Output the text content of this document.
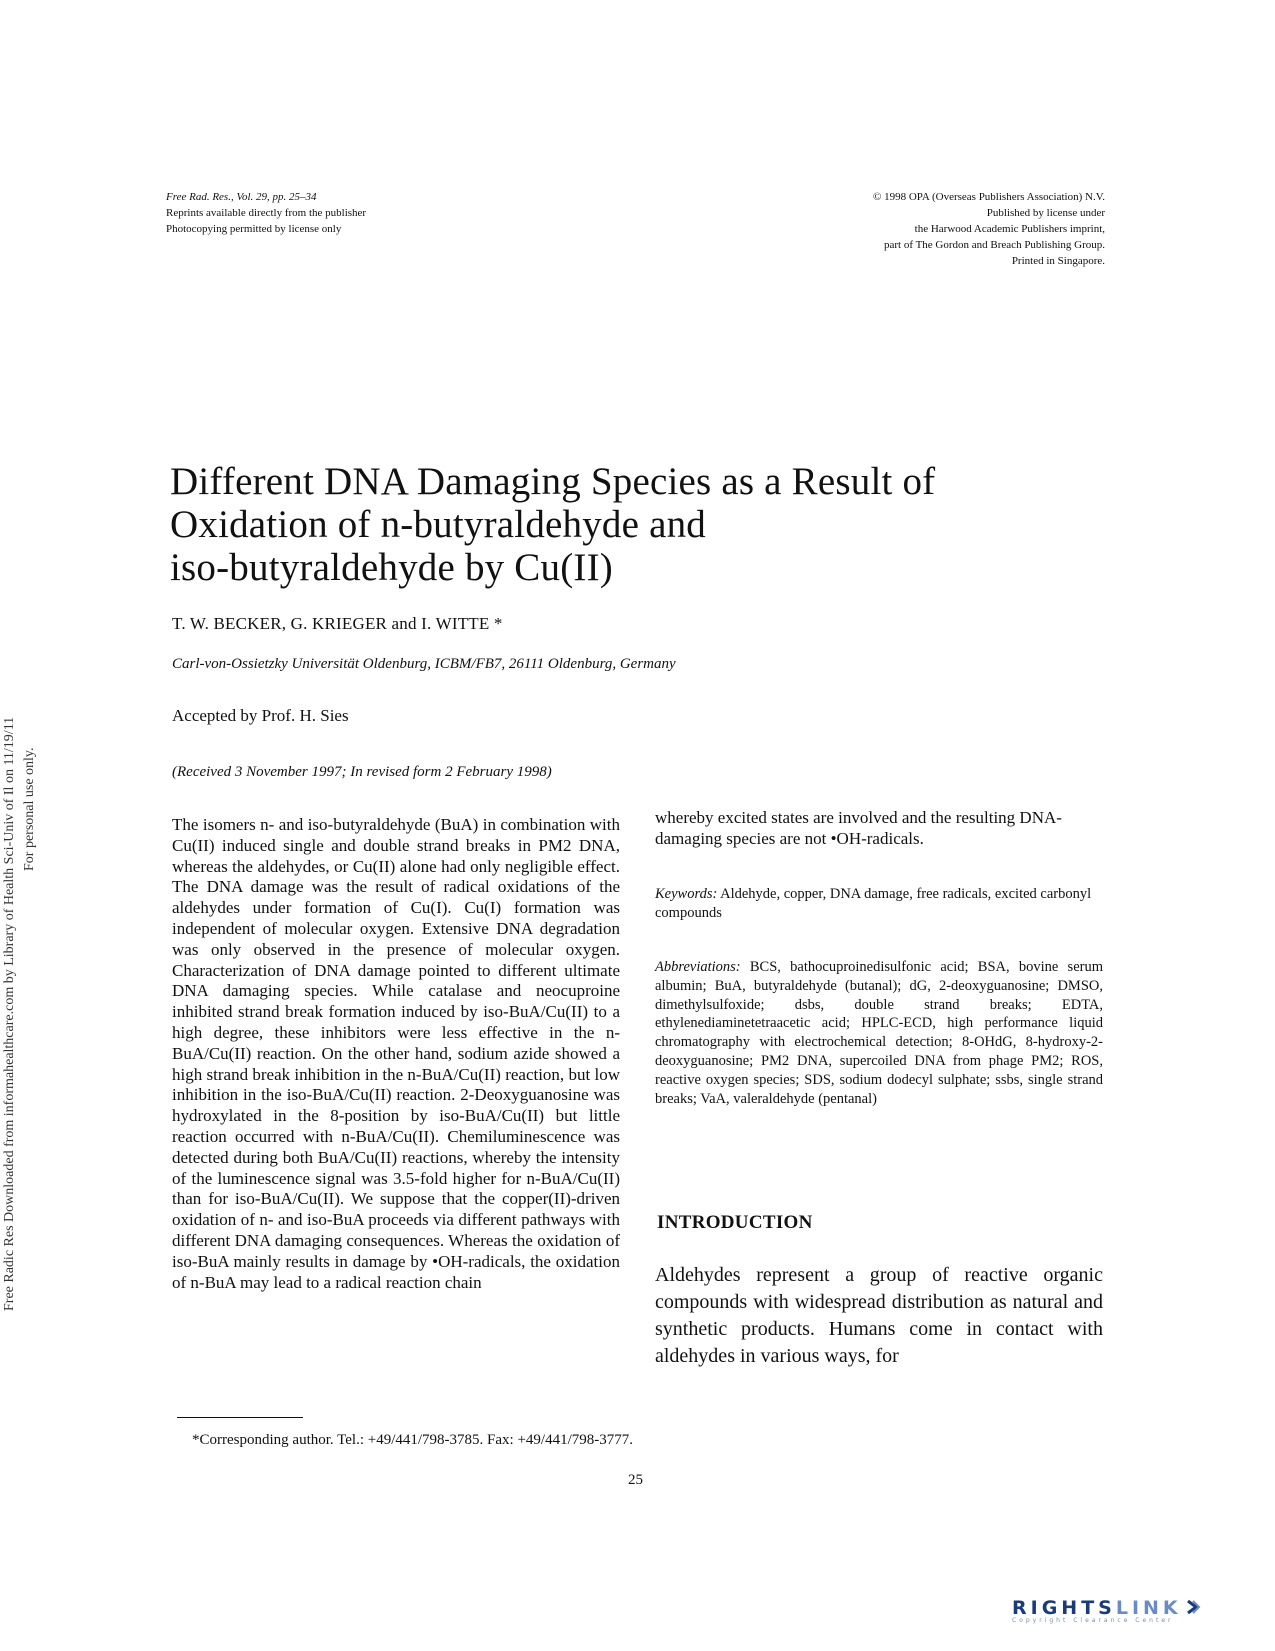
Free Radic Res Downloaded from informahealthcare.com by Library of Health Sci-Univ of Il on 11/19/11 For personal use only.
Free Rad. Res., Vol. 29, pp. 25–34
Reprints available directly from the publisher
Photocopying permitted by license only
© 1998 OPA (Overseas Publishers Association) N.V.
Published by license under
the Harwood Academic Publishers imprint,
part of The Gordon and Breach Publishing Group.
Printed in Singapore.
Different DNA Damaging Species as a Result of
Oxidation of n-butyraldehyde and
iso-butyraldehyde by Cu(II)
T. W. BECKER, G. KRIEGER and I. WITTE *
Carl-von-Ossietzky Universität Oldenburg, ICBM/FB7, 26111 Oldenburg, Germany
Accepted by Prof. H. Sies
(Received 3 November 1997; In revised form 2 February 1998)
The isomers n- and iso-butyraldehyde (BuA) in combination with Cu(II) induced single and double strand breaks in PM2 DNA, whereas the aldehydes, or Cu(II) alone had only negligible effect. The DNA damage was the result of radical oxidations of the aldehydes under formation of Cu(I). Cu(I) formation was independent of molecular oxygen. Extensive DNA degradation was only observed in the presence of molecular oxygen. Characterization of DNA damage pointed to different ultimate DNA damaging species. While catalase and neocuproine inhibited strand break formation induced by iso-BuA/Cu(II) to a high degree, these inhibitors were less effective in the n-BuA/Cu(II) reaction. On the other hand, sodium azide showed a high strand break inhibition in the n-BuA/Cu(II) reaction, but low inhibition in the iso-BuA/Cu(II) reaction. 2-Deoxyguanosine was hydroxylated in the 8-position by iso-BuA/Cu(II) but little reaction occurred with n-BuA/Cu(II). Chemiluminescence was detected during both BuA/Cu(II) reactions, whereby the intensity of the luminescence signal was 3.5-fold higher for n-BuA/Cu(II) than for iso-BuA/Cu(II). We suppose that the copper(II)-driven oxidation of n- and iso-BuA proceeds via different pathways with different DNA damaging consequences. Whereas the oxidation of iso-BuA mainly results in damage by •OH-radicals, the oxidation of n-BuA may lead to a radical reaction chain
whereby excited states are involved and the resulting DNA-damaging species are not •OH-radicals.
Keywords: Aldehyde, copper, DNA damage, free radicals, excited carbonyl compounds
Abbreviations: BCS, bathocuproinedisulfonic acid; BSA, bovine serum albumin; BuA, butyraldehyde (butanal); dG, 2-deoxyguanosine; DMSO, dimethylsulfoxide; dsbs, double strand breaks; EDTA, ethylenediaminetetraacetic acid; HPLC-ECD, high performance liquid chromatography with electrochemical detection; 8-OHdG, 8-hydroxy-2-deoxyguanosine; PM2 DNA, supercoiled DNA from phage PM2; ROS, reactive oxygen species; SDS, sodium dodecyl sulphate; ssbs, single strand breaks; VaA, valeraldehyde (pentanal)
INTRODUCTION
Aldehydes represent a group of reactive organic compounds with widespread distribution as natural and synthetic products. Humans come in contact with aldehydes in various ways, for
*Corresponding author. Tel.: +49/441/798-3785. Fax: +49/441/798-3777.
25
RIGHTSLINK
Copyright Clearance Center
